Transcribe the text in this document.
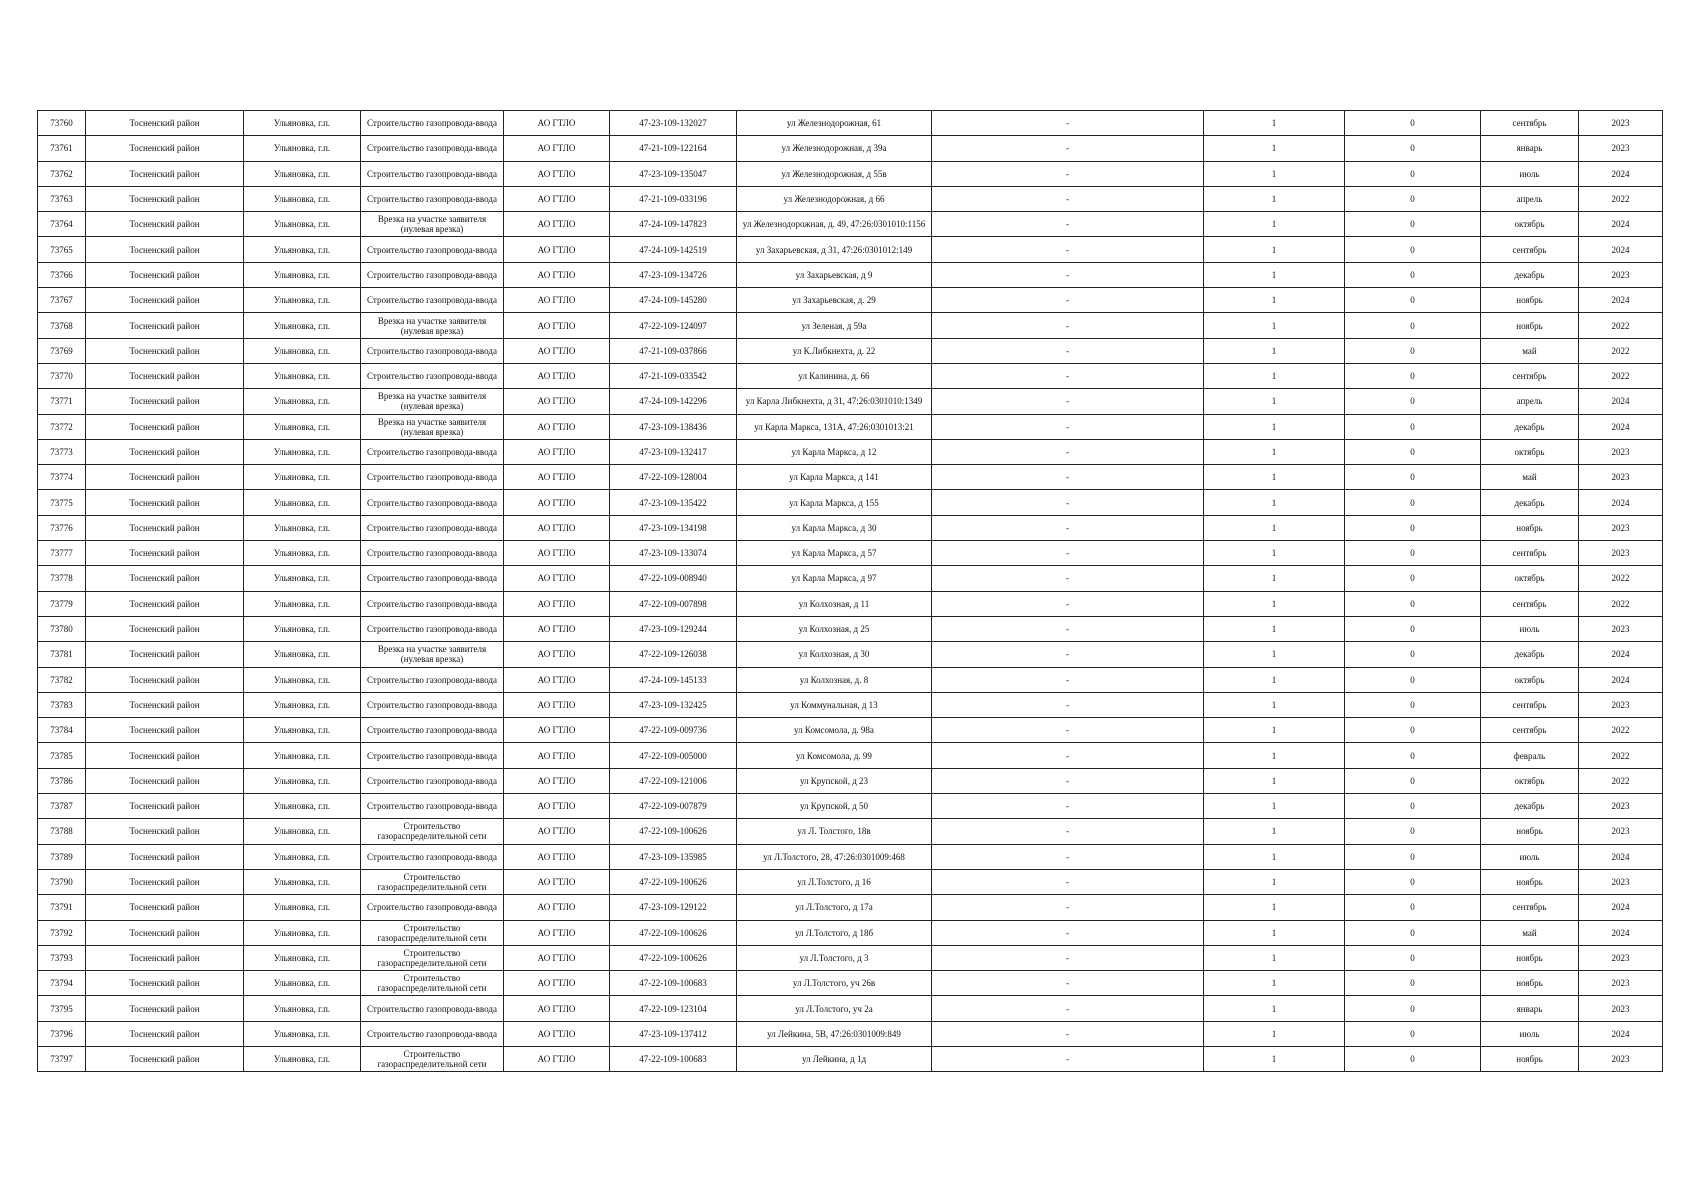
73760	Тосненский район	Ульяновка, г.п.	Строительство газопровода-ввода	АО ГТЛО	47-23-109-132027	ул Железнодорожная, 61	-	1	0	сентябрь	2023
73761	Тосненский район	Ульяновка, г.п.	Строительство газопровода-ввода	АО ГТЛО	47-21-109-122164	ул Железнодорожная, д 39а	-	1	0	январь	2023
73762	Тосненский район	Ульяновка, г.п.	Строительство газопровода-ввода	АО ГТЛО	47-23-109-135047	ул Железнодорожная, д 55в	-	1	0	июль	2024
73763	Тосненский район	Ульяновка, г.п.	Строительство газопровода-ввода	АО ГТЛО	47-21-109-033196	ул Железнодорожная, д 66	-	1	0	апрель	2022
73764	Тосненский район	Ульяновка, г.п.	Врезка на участке заявителя (нулевая врезка)	АО ГТЛО	47-24-109-147823	ул Железнодорожная, д. 49, 47:26:0301010:1156	-	1	0	октябрь	2024
73765	Тосненский район	Ульяновка, г.п.	Строительство газопровода-ввода	АО ГТЛО	47-24-109-142519	ул Захарьевская, д 31, 47:26:0301012:149	-	1	0	сентябрь	2024
73766	Тосненский район	Ульяновка, г.п.	Строительство газопровода-ввода	АО ГТЛО	47-23-109-134726	ул Захарьевская, д 9	-	1	0	декабрь	2023
73767	Тосненский район	Ульяновка, г.п.	Строительство газопровода-ввода	АО ГТЛО	47-24-109-145280	ул Захарьевская, д. 29	-	1	0	ноябрь	2024
73768	Тосненский район	Ульяновка, г.п.	Врезка на участке заявителя (нулевая врезка)	АО ГТЛО	47-22-109-124097	ул Зеленая, д 59а	-	1	0	ноябрь	2022
73769	Тосненский район	Ульяновка, г.п.	Строительство газопровода-ввода	АО ГТЛО	47-21-109-037866	ул К.Либкнехта, д. 22	-	1	0	май	2022
73770	Тосненский район	Ульяновка, г.п.	Строительство газопровода-ввода	АО ГТЛО	47-21-109-033542	ул Калинина, д. 66	-	1	0	сентябрь	2022
73771	Тосненский район	Ульяновка, г.п.	Врезка на участке заявителя (нулевая врезка)	АО ГТЛО	47-24-109-142296	ул Карла Либкнехта, д 31, 47:26:0301010:1349	-	1	0	апрель	2024
73772	Тосненский район	Ульяновка, г.п.	Врезка на участке заявителя (нулевая врезка)	АО ГТЛО	47-23-109-138436	ул Карла Маркса, 131А, 47:26:0301013:21	-	1	0	декабрь	2024
73773	Тосненский район	Ульяновка, г.п.	Строительство газопровода-ввода	АО ГТЛО	47-23-109-132417	ул Карла Маркса, д 12	-	1	0	октябрь	2023
73774	Тосненский район	Ульяновка, г.п.	Строительство газопровода-ввода	АО ГТЛО	47-22-109-128004	ул Карла Маркса, д 141	-	1	0	май	2023
73775	Тосненский район	Ульяновка, г.п.	Строительство газопровода-ввода	АО ГТЛО	47-23-109-135422	ул Карла Маркса, д 155	-	1	0	декабрь	2024
73776	Тосненский район	Ульяновка, г.п.	Строительство газопровода-ввода	АО ГТЛО	47-23-109-134198	ул Карла Маркса, д 30	-	1	0	ноябрь	2023
73777	Тосненский район	Ульяновка, г.п.	Строительство газопровода-ввода	АО ГТЛО	47-23-109-133074	ул Карла Маркса, д 57	-	1	0	сентябрь	2023
73778	Тосненский район	Ульяновка, г.п.	Строительство газопровода-ввода	АО ГТЛО	47-22-109-008940	ул Карла Маркса, д 97	-	1	0	октябрь	2022
73779	Тосненский район	Ульяновка, г.п.	Строительство газопровода-ввода	АО ГТЛО	47-22-109-007898	ул Колхозная, д 11	-	1	0	сентябрь	2022
73780	Тосненский район	Ульяновка, г.п.	Строительство газопровода-ввода	АО ГТЛО	47-23-109-129244	ул Колхозная, д 25	-	1	0	июль	2023
73781	Тосненский район	Ульяновка, г.п.	Врезка на участке заявителя (нулевая врезка)	АО ГТЛО	47-22-109-126038	ул Колхозная, д 30	-	1	0	декабрь	2024
73782	Тосненский район	Ульяновка, г.п.	Строительство газопровода-ввода	АО ГТЛО	47-24-109-145133	ул Колхозная, д. 8	-	1	0	октябрь	2024
73783	Тосненский район	Ульяновка, г.п.	Строительство газопровода-ввода	АО ГТЛО	47-23-109-132425	ул Коммунальная, д 13	-	1	0	сентябрь	2023
73784	Тосненский район	Ульяновка, г.п.	Строительство газопровода-ввода	АО ГТЛО	47-22-109-009736	ул Комсомола, д. 98а	-	1	0	сентябрь	2022
73785	Тосненский район	Ульяновка, г.п.	Строительство газопровода-ввода	АО ГТЛО	47-22-109-005000	ул Комсомола, д. 99	-	1	0	февраль	2022
73786	Тосненский район	Ульяновка, г.п.	Строительство газопровода-ввода	АО ГТЛО	47-22-109-121006	ул Крупской, д 23	-	1	0	октябрь	2022
73787	Тосненский район	Ульяновка, г.п.	Строительство газопровода-ввода	АО ГТЛО	47-22-109-007879	ул Крупской, д 50	-	1	0	декабрь	2023
73788	Тосненский район	Ульяновка, г.п.	Строительство газораспределительной сети	АО ГТЛО	47-22-109-100626	ул Л. Толстого, 18в	-	1	0	ноябрь	2023
73789	Тосненский район	Ульяновка, г.п.	Строительство газопровода-ввода	АО ГТЛО	47-23-109-135985	ул Л.Толстого, 28, 47:26:0301009:468	-	1	0	июль	2024
73790	Тосненский район	Ульяновка, г.п.	Строительство газораспределительной сети	АО ГТЛО	47-22-109-100626	ул Л.Толстого, д 16	-	1	0	ноябрь	2023
73791	Тосненский район	Ульяновка, г.п.	Строительство газопровода-ввода	АО ГТЛО	47-23-109-129122	ул Л.Толстого, д 17а	-	1	0	сентябрь	2024
73792	Тосненский район	Ульяновка, г.п.	Строительство газораспределительной сети	АО ГТЛО	47-22-109-100626	ул Л.Толстого, д 18б	-	1	0	май	2024
73793	Тосненский район	Ульяновка, г.п.	Строительство газораспределительной сети	АО ГТЛО	47-22-109-100626	ул Л.Толстого, д 3	-	1	0	ноябрь	2023
73794	Тосненский район	Ульяновка, г.п.	Строительство газораспределительной сети	АО ГТЛО	47-22-109-100683	ул Л.Толстого, уч 26в	-	1	0	ноябрь	2023
73795	Тосненский район	Ульяновка, г.п.	Строительство газопровода-ввода	АО ГТЛО	47-22-109-123104	ул Л.Толстого, уч 2а	-	1	0	январь	2023
73796	Тосненский район	Ульяновка, г.п.	Строительство газопровода-ввода	АО ГТЛО	47-23-109-137412	ул Лейкина, 5В, 47:26:0301009:849	-	1	0	июль	2024
73797	Тосненский район	Ульяновка, г.п.	Строительство газораспределительной сети	АО ГТЛО	47-22-109-100683	ул Лейкина, д 1д	-	1	0	ноябрь	2023
